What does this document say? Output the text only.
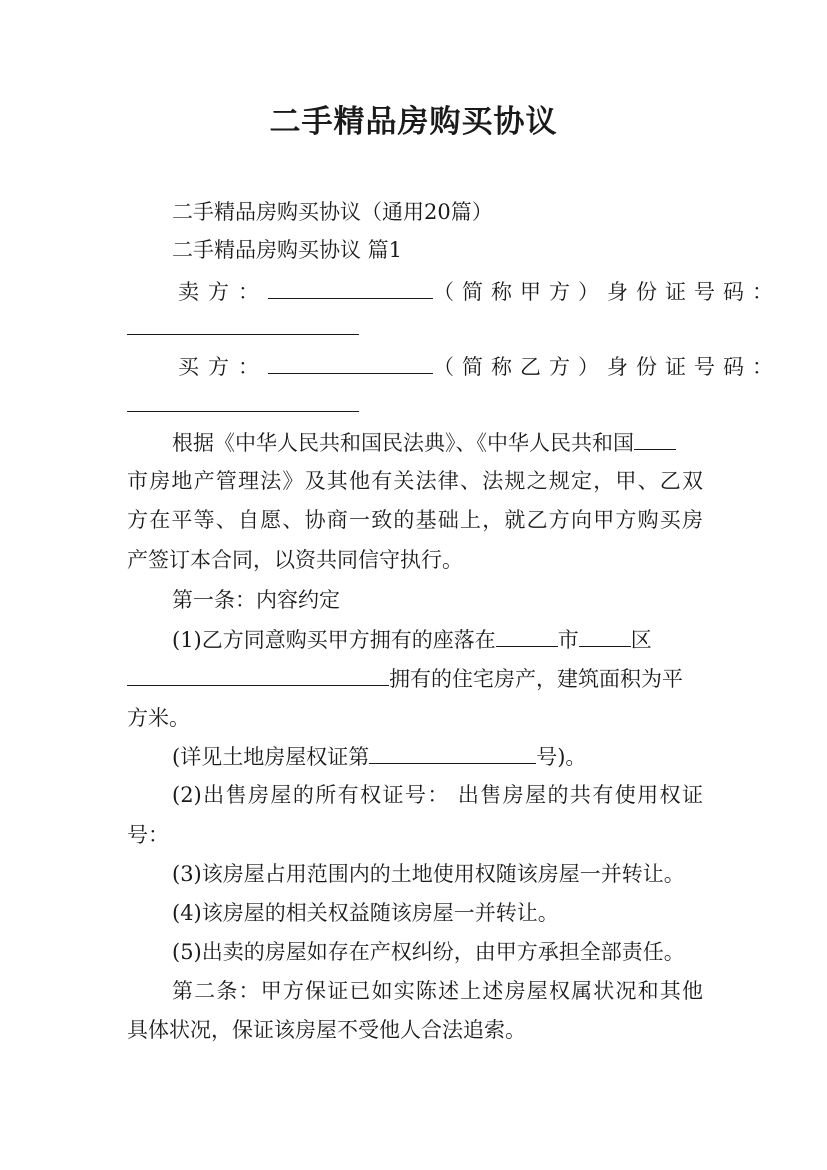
二手精品房购买协议
二手精品房购买协议（通用20篇）
二手精品房购买协议 篇1
卖方：	（简称甲方）身份证号码：
买方：	（简称乙方）身份证号码：
根据《中华人民共和国民法典》、《中华人民共和国
市房地产管理法》及其他有关法律、法规之规定，甲、乙双
方在平等、自愿、协商一致的基础上，就乙方向甲方购买房
产签订本合同，以资共同信守执行。
第一条：内容约定
(1)乙方同意购买甲方拥有的座落在	市 区
拥有的住宅房产，建筑面积为平
方米。
(详见土地房屋权证第	号)。
(2)出售房屋的所有权证号： 出售房屋的共有使用权证
号：
(3)该房屋占用范围内的土地使用权随该房屋一并转让。
(4)该房屋的相关权益随该房屋一并转让。
(5)出卖的房屋如存在产权纠纷，由甲方承担全部责任。
第二条：甲方保证已如实陈述上述房屋权属状况和其他
具体状况，保证该房屋不受他人合法追索。
